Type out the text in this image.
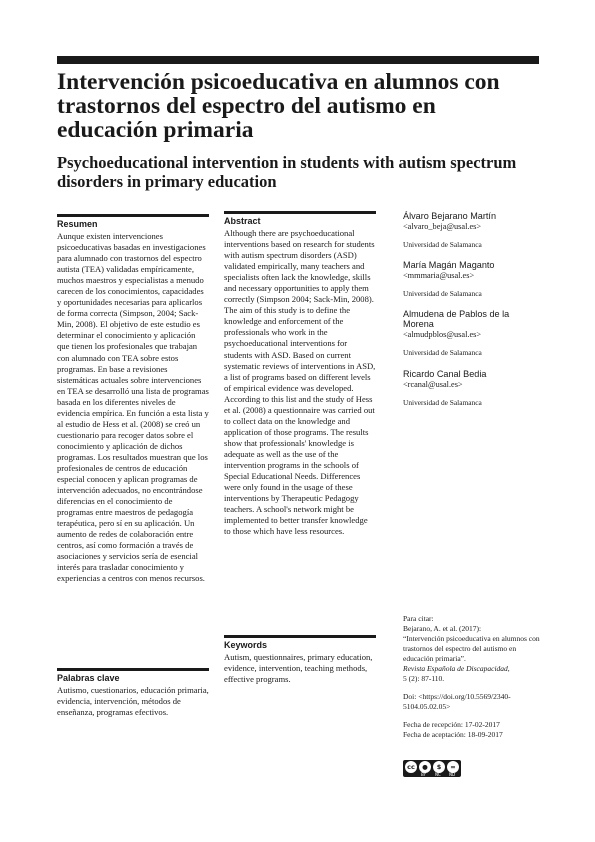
Intervención psicoeducativa en alumnos con trastornos del espectro del autismo en educación primaria
Psychoeducational intervention in students with autism spectrum disorders in primary education
Resumen

Aunque existen intervenciones psicoeducativas basadas en investigaciones para alumnado con trastornos del espectro autista (TEA) validadas empíricamente, muchos maestros y especialistas a menudo carecen de los conocimientos, capacidades y oportunidades necesarias para aplicarlos de forma correcta (Simpson, 2004; Sack-Min, 2008). El objetivo de este estudio es determinar el conocimiento y aplicación que tienen los profesionales que trabajan con alumnado con TEA sobre estos programas. En base a revisiones sistemáticas actuales sobre intervenciones en TEA se desarrolló una lista de programas basada en los diferentes niveles de evidencia empírica. En función a esta lista y al estudio de Hess et al. (2008) se creó un cuestionario para recoger datos sobre el conocimiento y aplicación de dichos programas. Los resultados muestran que los profesionales de centros de educación especial conocen y aplican programas de intervención adecuados, no encontrándose diferencias en el conocimiento de programas entre maestros de pedagogía terapéutica, pero sí en su aplicación. Un aumento de redes de colaboración entre centros, así como formación a través de asociaciones y servicios sería de esencial interés para trasladar conocimiento y experiencias a centros con menos recursos.

Palabras clave

Autismo, cuestionarios, educación primaria, evidencia, intervención, métodos de enseñanza, programas efectivos.

Abstract

Although there are psychoeducational interventions based on research for students with autism spectrum disorders (ASD) validated empirically, many teachers and specialists often lack the knowledge, skills and necessary opportunities to apply them correctly (Simpson 2004; Sack-Min, 2008). The aim of this study is to define the knowledge and enforcement of the professionals who work in the psychoeducational interventions for students with ASD. Based on current systematic reviews of interventions in ASD, a list of programs based on different levels of empirical evidence was developed. According to this list and the study of Hess et al. (2008) a questionnaire was carried out to collect data on the knowledge and application of those programs. The results show that professionals' knowledge is adequate as well as the use of the intervention programs in the schools of Special Educational Needs. Differences were only found in the usage of these interventions by Therapeutic Pedagogy teachers. A school's network might be implemented to better transfer knowledge to those which have less resources.

Keywords

Autism, questionnaires, primary education, evidence, intervention, teaching methods, effective programs.

Álvaro Bejarano Martín

<alvaro_beja@usal.es>

Universidad de Salamanca

María Magán Maganto

<mmmaria@usal.es>

Universidad de Salamanca

Almudena de Pablos de la Morena

<almudpblos@usal.es>

Universidad de Salamanca

Ricardo Canal Bedia

<rcanal@usal.es>

Universidad de Salamanca

Para citar:

Bejarano, A. et al. (2017):

“Intervención psicoeducativa en alumnos con trastornos del espectro del autismo en educación primaria”.

Revista Española de Discapacidad,

5 (2): 87-110.

Doi: <https://doi.org/10.5569/2340-5104.05.02.05>

Fecha de recepción: 17-02-2017

Fecha de aceptación: 18-09-2017

cc	●	$	=
BY NC ND
